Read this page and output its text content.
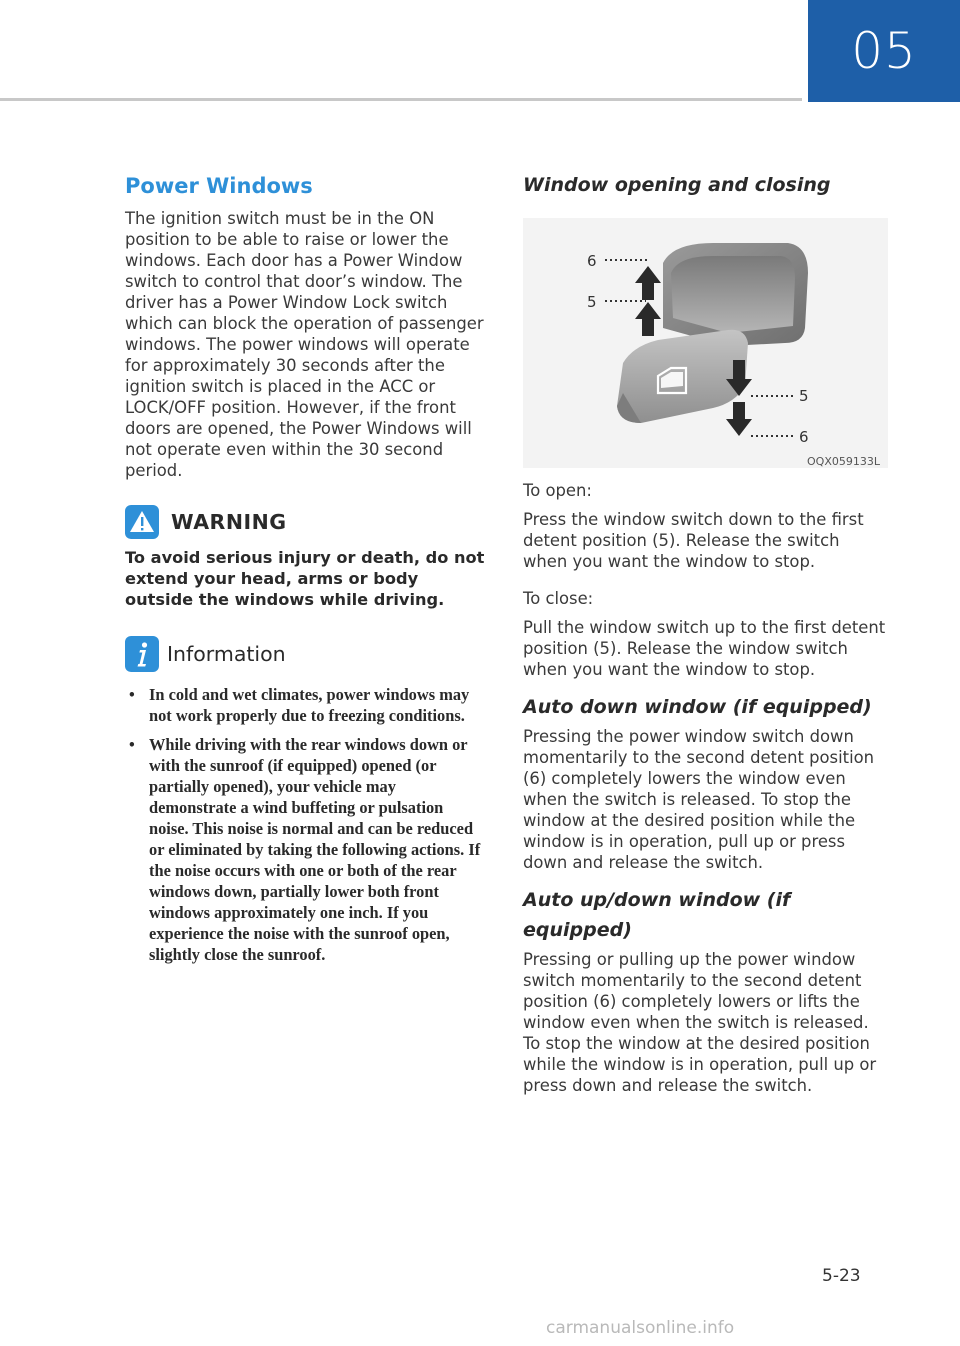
05
Power Windows

The ignition switch must be in the ON position to be able to raise or lower the windows. Each door has a Power Window switch to control that door’s window. The driver has a Power Window Lock switch which can block the operation of passenger windows. The power windows will operate for approximately 30 seconds after the ignition switch is placed in the ACC or LOCK/OFF position. However, if the front doors are opened, the Power Windows will not operate even within the 30 second period.

WARNING

To avoid serious injury or death, do not extend your head, arms or body outside the windows while driving.

Information
• In cold and wet climates, power windows may not work properly due to freezing conditions.
• While driving with the rear windows down or with the sunroof (if equipped) opened (or partially opened), your vehicle may demonstrate a wind buffeting or pulsation noise. This noise is normal and can be reduced or eliminated by taking the following actions. If the noise occurs with one or both of the rear windows down, partially lower both front windows approximately one inch. If you experience the noise with the sunroof open, slightly close the sunroof.
Window opening and closing
6
5
5
6
OQX059133L

To open:

Press the window switch down to the first detent position (5). Release the switch when you want the window to stop.

To close:

Pull the window switch up to the first detent position (5). Release the window switch when you want the window to stop.

Auto down window (if equipped)

Pressing the power window switch down momentarily to the second detent position (6) completely lowers the window even when the switch is released. To stop the window at the desired position while the window is in operation, pull up or press down and release the switch.

Auto up/down window (if equipped)

Pressing or pulling up the power window switch momentarily to the second detent position (6) completely lowers or lifts the window even when the switch is released. To stop the window at the desired position while the window is in operation, pull up or press down and release the switch.

5-23
carmanualsonline.info
